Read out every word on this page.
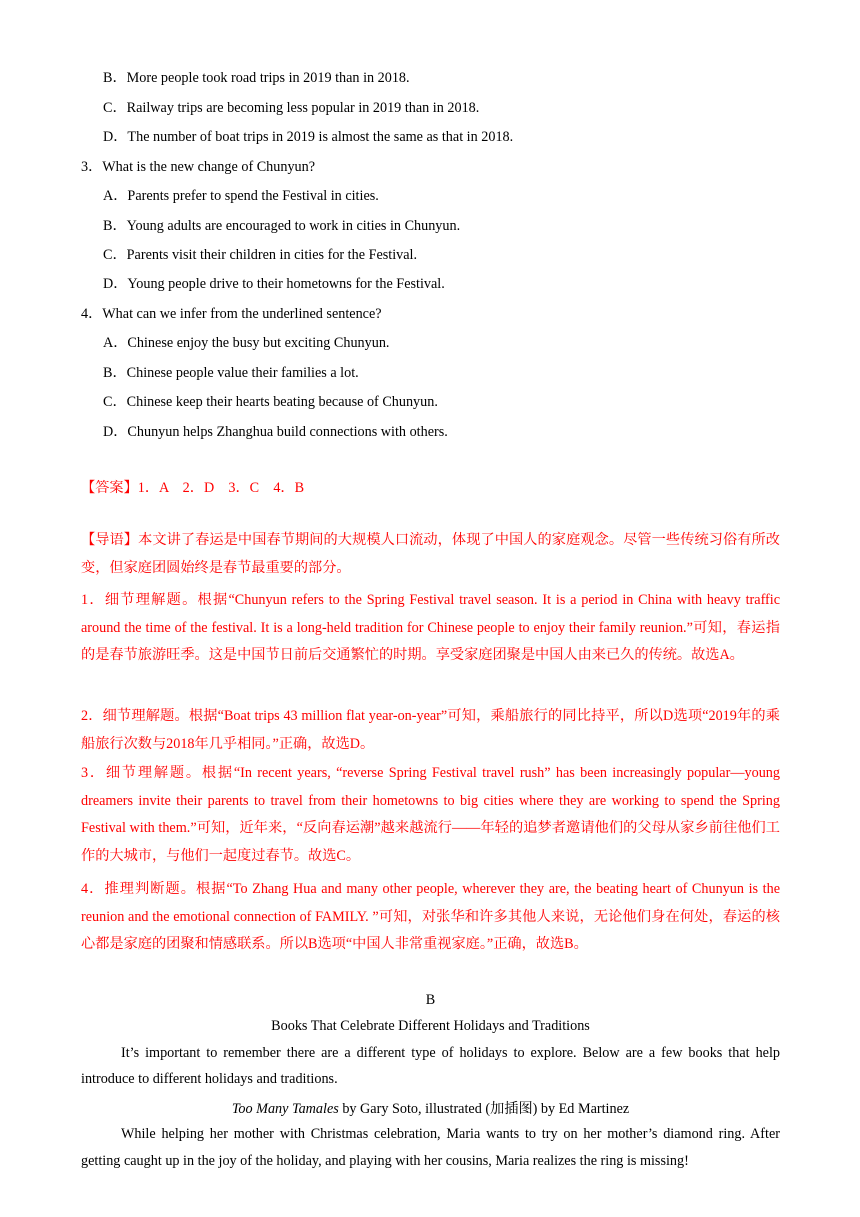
B．More people took road trips in 2019 than in 2018.
C．Railway trips are becoming less popular in 2019 than in 2018.
D．The number of boat trips in 2019 is almost the same as that in 2018.
3．What is the new change of Chunyun?
A．Parents prefer to spend the Festival in cities.
B．Young adults are encouraged to work in cities in Chunyun.
C．Parents visit their children in cities for the Festival.
D．Young people drive to their hometowns for the Festival.
4．What can we infer from the underlined sentence?
A．Chinese enjoy the busy but exciting Chunyun.
B．Chinese people value their families a lot.
C．Chinese keep their hearts beating because of Chunyun.
D．Chunyun helps Zhanghua build connections with others.
【答案】1．A　2．D　3．C　4．B
【导语】本文讲了春运是中国春节期间的大规模人口流动，体现了中国人的家庭观念。尽管一些传统习俗有所改变，但家庭团圆始终是春节最重要的部分。
1．细节理解题。根据“Chunyun refers to the Spring Festival travel season. It is a period in China with heavy traffic around the time of the festival. It is a long-held tradition for Chinese people to enjoy their family reunion.”可知，春运指的是春节旅游旺季。这是中国节日前后交通繁忙的时期。享受家庭团聚是中国人由来已久的传统。故选A。
2．细节理解题。根据“Boat trips 43 million flat year-on-year”可知，乘船旅行的同比持平，所以D选项“2019年的乘船旅行次数与2018年几乎相同。”正确，故选D。
3．细节理解题。根据“In recent years, “reverse Spring Festival travel rush” has been increasingly popular—young dreamers invite their parents to travel from their hometowns to big cities where they are working to spend the Spring Festival with them.”可知，近年来，“反向春运潮”越来越流行——年轻的追梦者邀请他们的父母从家乡前往他们工作的大城市，与他们一起度过春节。故选C。
4．推理判断题。根据“To Zhang Hua and many other people, wherever they are, the beating heart of Chunyun is the reunion and the emotional connection of FAMILY. ”可知，对张华和许多其他人来说，无论他们身在何处，春运的核心都是家庭的团聚和情感联系。所以B选项“中国人非常重视家庭。”正确，故选B。
B
Books That Celebrate Different Holidays and Traditions
It’s important to remember there are a different type of holidays to explore. Below are a few books that help introduce to different holidays and traditions.
Too Many Tamales by Gary Soto, illustrated (加插图) by Ed Martinez
While helping her mother with Christmas celebration, Maria wants to try on her mother’s diamond ring. After getting caught up in the joy of the holiday, and playing with her cousins, Maria realizes the ring is missing!
